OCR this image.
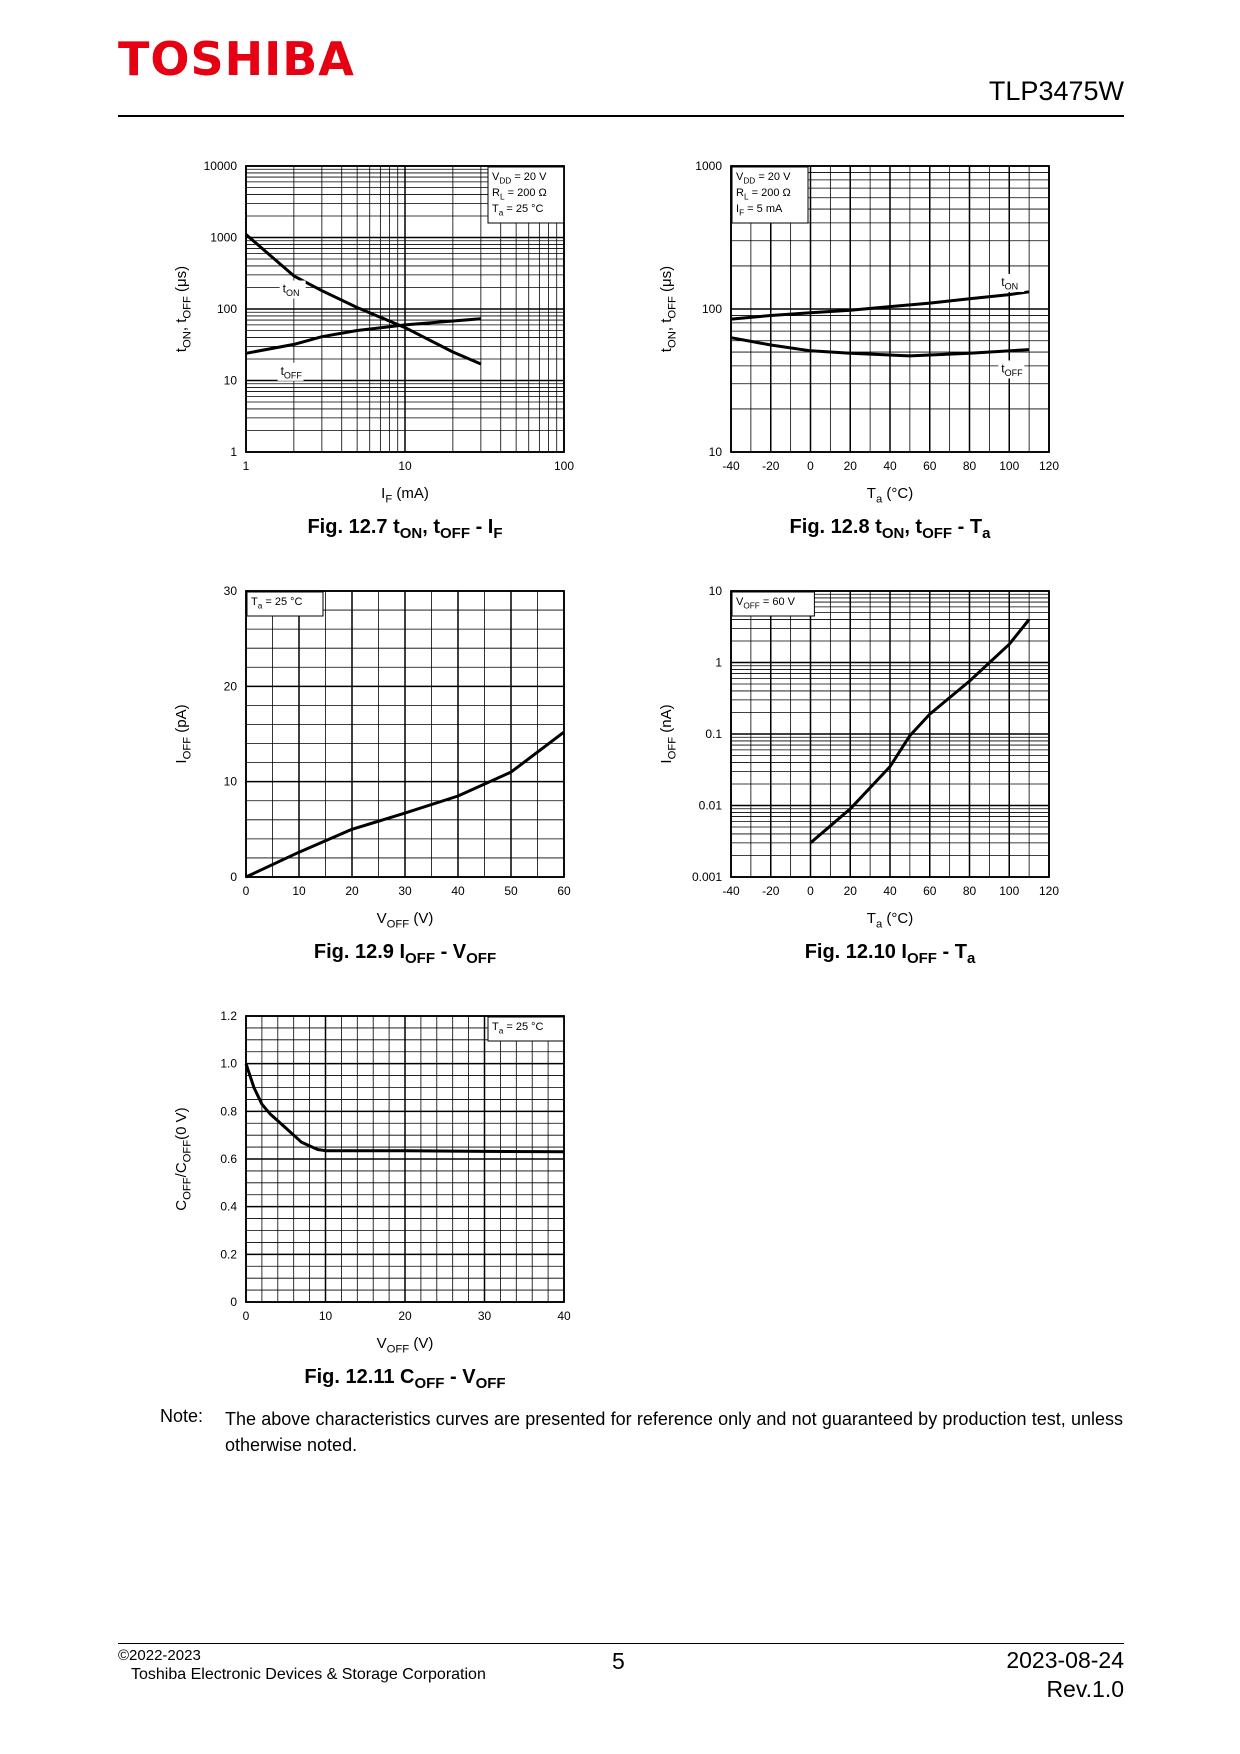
TOSHIBA
TLP3475W
$V_{DD} = 20$ V
$R_L = 200$ Ω
$T_a = 25$ °C
$t_{ON}$
$t_{OFF}$
1	10	100
1
10
100
1000
10000
$I_F$ (mA)
$t_{ON}$, $t_{OFF}$ (μs)
Fig. 12.7 $t_{ON}$, $t_{OFF} - I_F$
$V_{DD} = 20$ V
$R_L = 200$ Ω
$I_F = 5$ mA
$t_{ON}$
$t_{OFF}$
-40 -20 0 20 40 60 80 100 120
10
100
1000
$T_a$ (°C)
$t_{ON}$, $t_{OFF}$ (μs)
Fig. 12.8 $t_{ON}$, $t_{OFF} - T_a$
$T_a = 25$ °C
0	10	20	30	40	50	60
0
10
20
30
$V_{OFF}$ (V)
$I_{OFF}$ (pA)
Fig. 12.9 $I_{OFF} - V_{OFF}$
$V_{OFF} = 60$ V
-40 -20 0 20 40 60 80 100 120
0.001
0.01
0.1
1
10
$T_a$ (°C)
$I_{OFF}$ (nA)
Fig. 12.10 $I_{OFF} - T_a$
$T_a = 25$ °C
0	10	20	30	40
0
0.2
0.4
0.6
0.8
1.0
1.2
$V_{OFF}$ (V)
$C_{OFF}/C_{OFF}(0$ V)
Fig. 12.11 $C_{OFF} - V_{OFF}$
Note: The above characteristics curves are presented for reference only and not guaranteed by production test, unless otherwise noted.
©2022-2023
Toshiba Electronic Devices & Storage Corporation
5	2023-08-24
Rev.1.0
